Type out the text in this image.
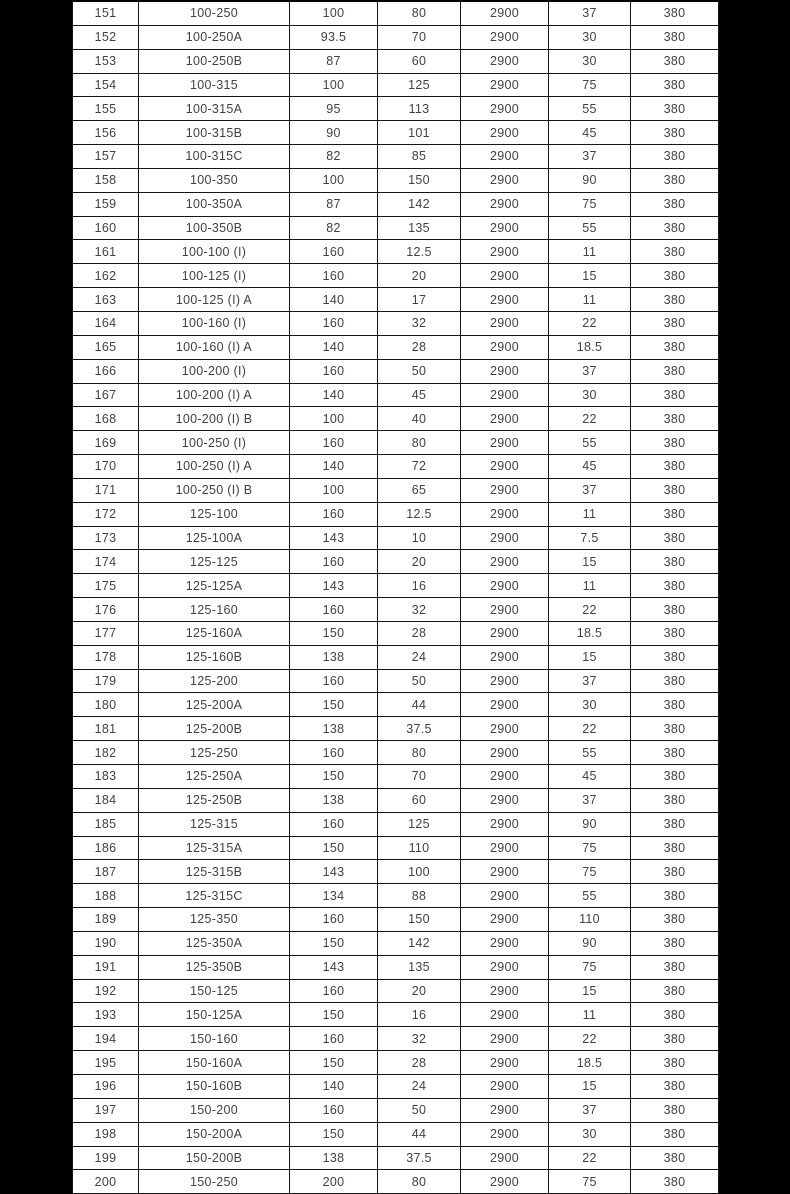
151	100-250	100	80	2900	37	380
152	100-250A	93.5	70	2900	30	380
153	100-250B	87	60	2900	30	380
154	100-315	100	125	2900	75	380
155	100-315A	95	113	2900	55	380
156	100-315B	90	101	2900	45	380
157	100-315C	82	85	2900	37	380
158	100-350	100	150	2900	90	380
159	100-350A	87	142	2900	75	380
160	100-350B	82	135	2900	55	380
161	100-100 (I)	160	12.5	2900	11	380
162	100-125 (I)	160	20	2900	15	380
163	100-125 (I) A	140	17	2900	11	380
164	100-160 (I)	160	32	2900	22	380
165	100-160 (I) A	140	28	2900	18.5	380
166	100-200 (I)	160	50	2900	37	380
167	100-200 (I) A	140	45	2900	30	380
168	100-200 (I) B	100	40	2900	22	380
169	100-250 (I)	160	80	2900	55	380
170	100-250 (I) A	140	72	2900	45	380
171	100-250 (I) B	100	65	2900	37	380
172	125-100	160	12.5	2900	11	380
173	125-100A	143	10	2900	7.5	380
174	125-125	160	20	2900	15	380
175	125-125A	143	16	2900	11	380
176	125-160	160	32	2900	22	380
177	125-160A	150	28	2900	18.5	380
178	125-160B	138	24	2900	15	380
179	125-200	160	50	2900	37	380
180	125-200A	150	44	2900	30	380
181	125-200B	138	37.5	2900	22	380
182	125-250	160	80	2900	55	380
183	125-250A	150	70	2900	45	380
184	125-250B	138	60	2900	37	380
185	125-315	160	125	2900	90	380
186	125-315A	150	110	2900	75	380
187	125-315B	143	100	2900	75	380
188	125-315C	134	88	2900	55	380
189	125-350	160	150	2900	110	380
190	125-350A	150	142	2900	90	380
191	125-350B	143	135	2900	75	380
192	150-125	160	20	2900	15	380
193	150-125A	150	16	2900	11	380
194	150-160	160	32	2900	22	380
195	150-160A	150	28	2900	18.5	380
196	150-160B	140	24	2900	15	380
197	150-200	160	50	2900	37	380
198	150-200A	150	44	2900	30	380
199	150-200B	138	37.5	2900	22	380
200	150-250	200	80	2900	75	380
